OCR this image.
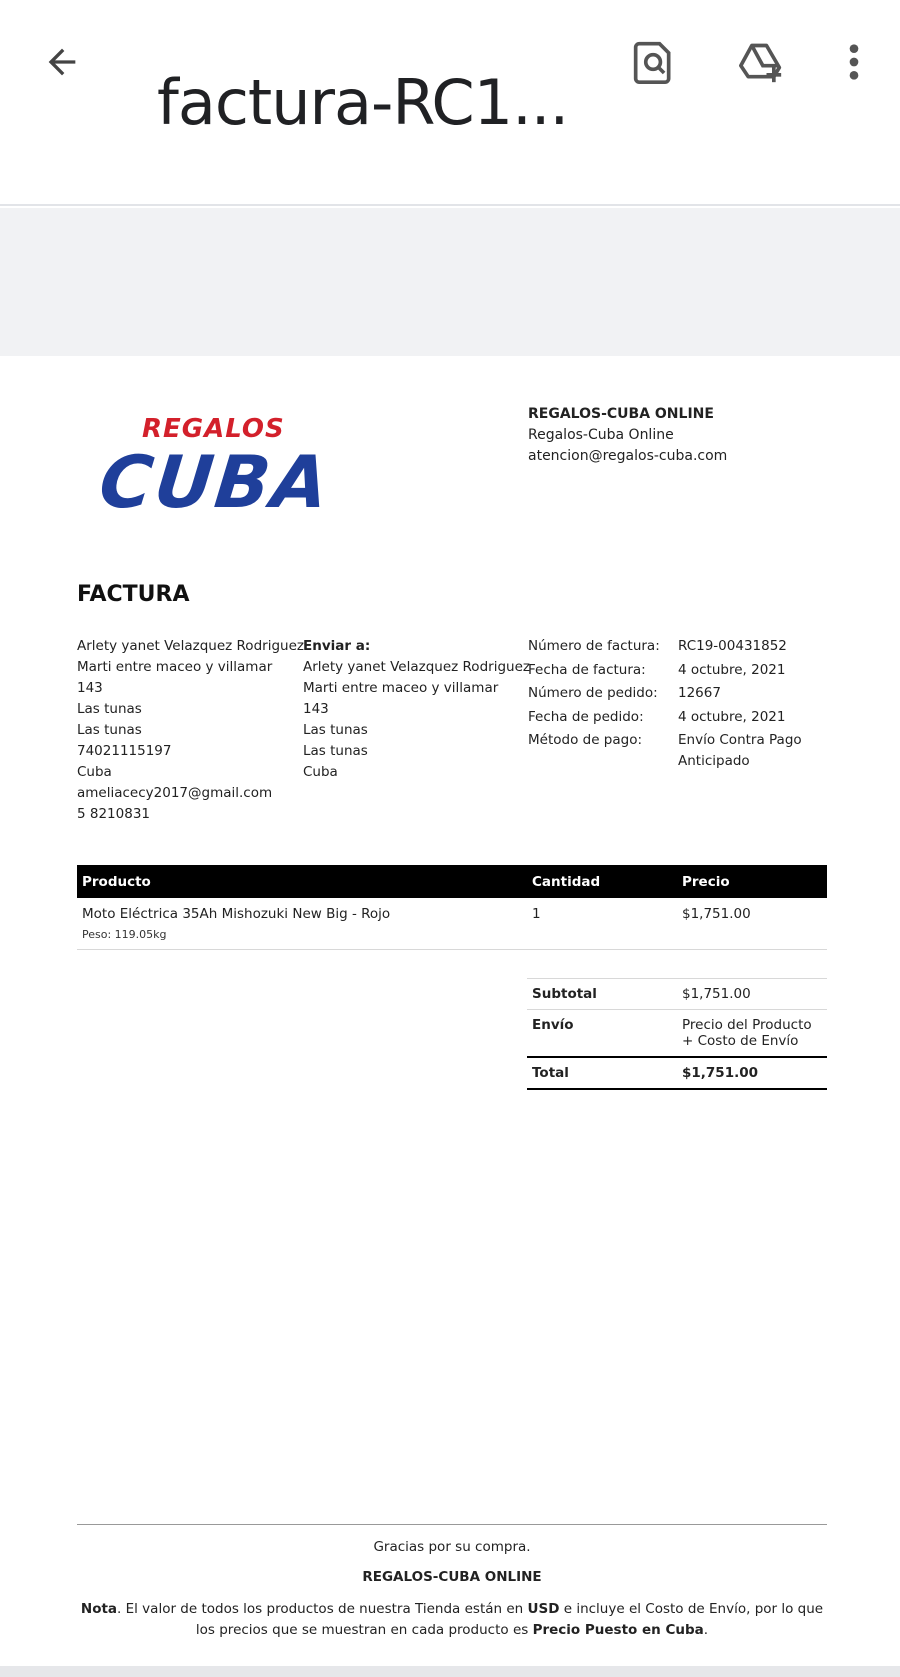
factura-RC1...
REGALOS
CUBA
REGALOS-CUBA ONLINE
Regalos-Cuba Online
atencion@regalos-cuba.com
FACTURA
Arlety yanet Velazquez Rodriguez
Marti entre maceo y villamar
143
Las tunas
Las tunas
74021115197
Cuba
ameliacecy2017@gmail.com
5 8210831
Enviar a:
Arlety yanet Velazquez Rodriguez
Marti entre maceo y villamar
143
Las tunas
Las tunas
Cuba
Número de factura:	RC19-00431852
Fecha de factura:	4 octubre, 2021
Número de pedido:	12667
Fecha de pedido:	4 octubre, 2021
Método de pago:	Envío Contra Pago Anticipado
Producto	Cantidad	Precio

Moto Eléctrica 35Ah Mishozuki New Big - Rojo
Peso: 119.05kg	1	$1,751.00
Subtotal	$1,751.00
Envío	Precio del Producto + Costo de Envío
Total	$1,751.00
Gracias por su compra.
REGALOS-CUBA ONLINE
Nota. El valor de todos los productos de nuestra Tienda están en USD e incluye el Costo de Envío, por lo que los precios que se muestran en cada producto es Precio Puesto en Cuba.
